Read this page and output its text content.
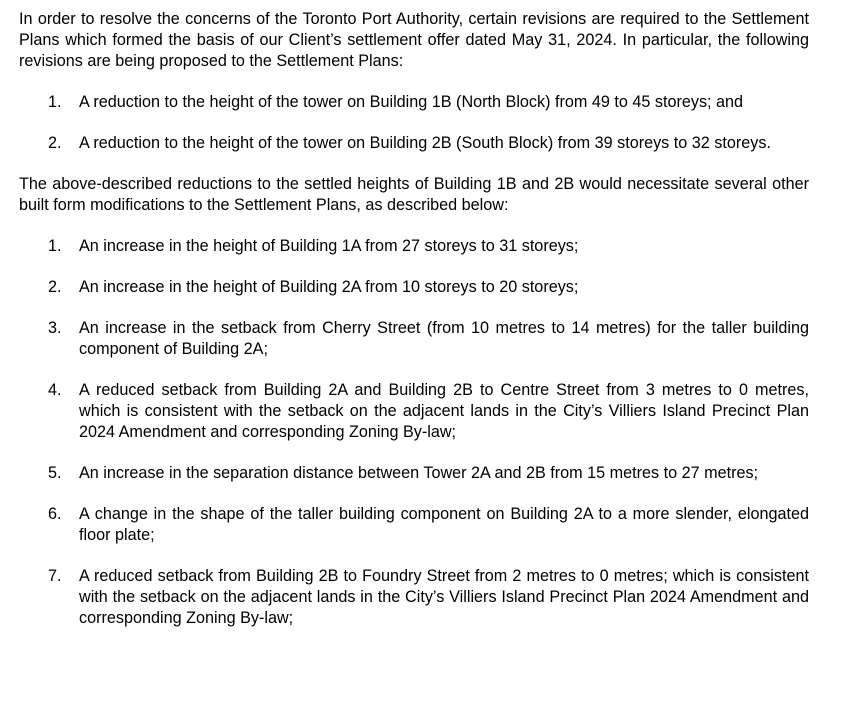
In order to resolve the concerns of the Toronto Port Authority, certain revisions are required to the Settlement Plans which formed the basis of our Client’s settlement offer dated May 31, 2024. In particular, the following revisions are being proposed to the Settlement Plans:

1. A reduction to the height of the tower on Building 1B (North Block) from 49 to 45 storeys; and
2. A reduction to the height of the tower on Building 2B (South Block) from 39 storeys to 32 storeys.

The above-described reductions to the settled heights of Building 1B and 2B would necessitate several other built form modifications to the Settlement Plans, as described below:

1. An increase in the height of Building 1A from 27 storeys to 31 storeys;
2. An increase in the height of Building 2A from 10 storeys to 20 storeys;
3. An increase in the setback from Cherry Street (from 10 metres to 14 metres) for the taller building component of Building 2A;
4. A reduced setback from Building 2A and Building 2B to Centre Street from 3 metres to 0 metres, which is consistent with the setback on the adjacent lands in the City’s Villiers Island Precinct Plan 2024 Amendment and corresponding Zoning By-law;
5. An increase in the separation distance between Tower 2A and 2B from 15 metres to 27 metres;
6. A change in the shape of the taller building component on Building 2A to a more slender, elongated floor plate;
7. A reduced setback from Building 2B to Foundry Street from 2 metres to 0 metres; which is consistent with the setback on the adjacent lands in the City’s Villiers Island Precinct Plan 2024 Amendment and corresponding Zoning By-law;
